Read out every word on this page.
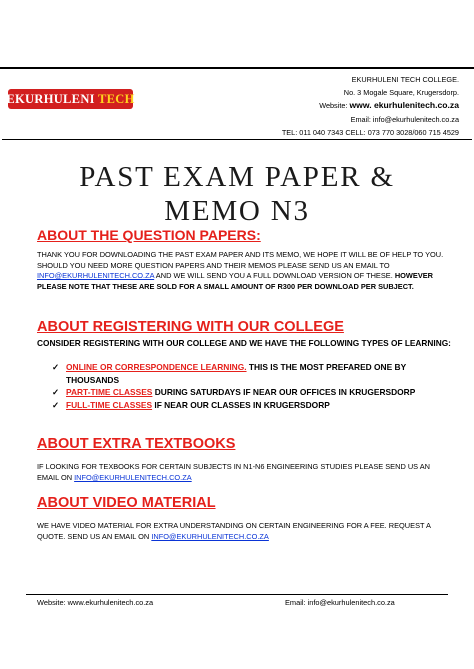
EKURHULENI TECH
EKURHULENI TECH COLLEGE.
No. 3 Mogale Square, Krugersdorp.
Website: www. ekurhulenitech.co.za
Email: info@ekurhulenitech.co.za
TEL: 011 040 7343 CELL: 073 770 3028/060 715 4529
PAST EXAM PAPER &
MEMO N3
ABOUT THE QUESTION PAPERS:
THANK YOU FOR DOWNLOADING THE PAST EXAM PAPER AND ITS MEMO, WE HOPE IT WILL BE OF HELP TO YOU. SHOULD YOU NEED MORE QUESTION PAPERS AND THEIR MEMOS PLEASE SEND US AN EMAIL TO INFO@EKURHULENITECH.CO.ZA AND WE WILL SEND YOU A FULL DOWNLOAD VERSION OF THESE. HOWEVER PLEASE NOTE THAT THESE ARE SOLD FOR A SMALL AMOUNT OF R300 PER DOWNLOAD PER SUBJECT.
ABOUT REGISTERING WITH OUR COLLEGE
CONSIDER REGISTERING WITH OUR COLLEGE AND WE HAVE THE FOLLOWING TYPES OF LEARNING:
✓ ONLINE OR CORRESPONDENCE LEARNING. THIS IS THE MOST PREFARED ONE BY THOUSANDS
✓ PART-TIME CLASSES DURING SATURDAYS IF NEAR OUR OFFICES IN KRUGERSDORP
✓ FULL-TIME CLASSES IF NEAR OUR CLASSES IN KRUGERSDORP
ABOUT EXTRA TEXTBOOKS
IF LOOKING FOR TEXBOOKS FOR CERTAIN SUBJECTS IN N1-N6 ENGINEERING STUDIES PLEASE SEND US AN EMAIL ON INFO@EKURHULENITECH.CO.ZA
ABOUT VIDEO MATERIAL
WE HAVE VIDEO MATERIAL FOR EXTRA UNDERSTANDING ON CERTAIN ENGINEERING FOR A FEE. REQUEST A QUOTE. SEND US AN EMAIL ON INFO@EKURHULENITECH.CO.ZA
Website: www.ekurhulenitech.co.za	Email: info@ekurhulenitech.co.za
